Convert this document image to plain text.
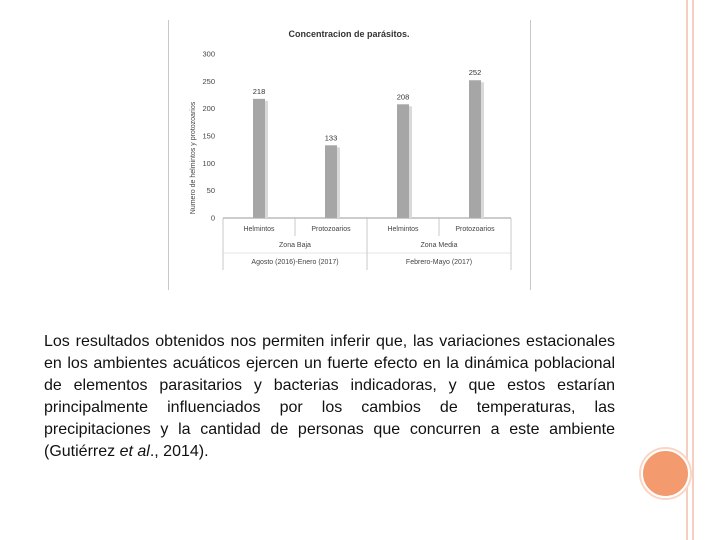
Concentracion de parásitos.
Numero de helmintos y protozoarios
0
50
100
150
200
250
300
218
133
208
252
Helmintos	Protozoarios	Helmintos	Protozoarios
Zona Baja
Agosto (2016)-Enero (2017)
Zona Media
Febrero-Mayo (2017)

Los resultados obtenidos nos permiten inferir que, las variaciones estacionales en los ambientes acuáticos ejercen un fuerte efecto en la dinámica poblacional de elementos parasitarios y bacterias indicadoras, y que estos estarían principalmente influenciados por los cambios de temperaturas, las precipitaciones y la cantidad de personas que concurren a este ambiente (Gutiérrez et al., 2014).
